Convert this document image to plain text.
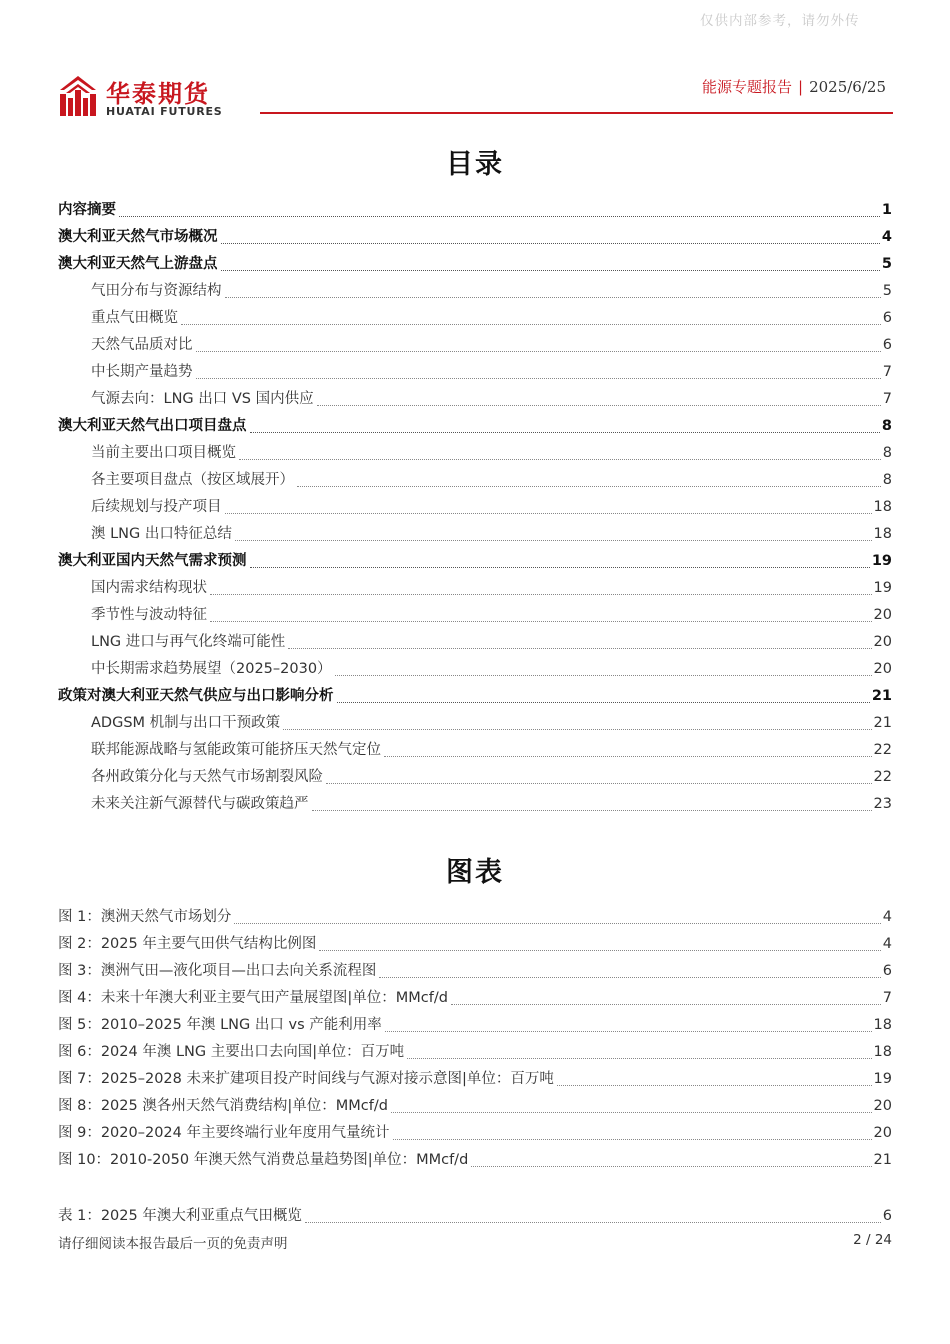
仅供内部参考，请勿外传
华泰期货
HUATAI FUTURES
能源专题报告 | 2025/6/25
目录
内容摘要	1
澳大利亚天然气市场概况	4
澳大利亚天然气上游盘点	5
气田分布与资源结构	5
重点气田概览	6
天然气品质对比	6
中长期产量趋势	7
气源去向：LNG 出口 VS 国内供应	7
澳大利亚天然气出口项目盘点	8
当前主要出口项目概览	8
各主要项目盘点（按区域展开）	8
后续规划与投产项目	18
澳 LNG 出口特征总结	18
澳大利亚国内天然气需求预测	19
国内需求结构现状	19
季节性与波动特征	20
LNG 进口与再气化终端可能性	20
中长期需求趋势展望（2025–2030）	20
政策对澳大利亚天然气供应与出口影响分析	21
ADGSM 机制与出口干预政策	21
联邦能源战略与氢能政策可能挤压天然气定位	22
各州政策分化与天然气市场割裂风险	22
未来关注新气源替代与碳政策趋严	23
图表
图 1：澳洲天然气市场划分	4
图 2：2025 年主要气田供气结构比例图	4
图 3：澳洲气田—液化项目—出口去向关系流程图	6
图 4：未来十年澳大利亚主要气田产量展望图|单位：MMcf/d	7
图 5：2010–2025 年澳 LNG 出口 vs 产能利用率	18
图 6：2024 年澳 LNG 主要出口去向国|单位：百万吨	18
图 7：2025–2028 未来扩建项目投产时间线与气源对接示意图|单位：百万吨	19
图 8：2025 澳各州天然气消费结构|单位：MMcf/d	20
图 9：2020–2024 年主要终端行业年度用气量统计	20
图 10：2010-2050 年澳天然气消费总量趋势图|单位：MMcf/d	21
表 1：2025 年澳大利亚重点气田概览	6
请仔细阅读本报告最后一页的免责声明	2 / 24
